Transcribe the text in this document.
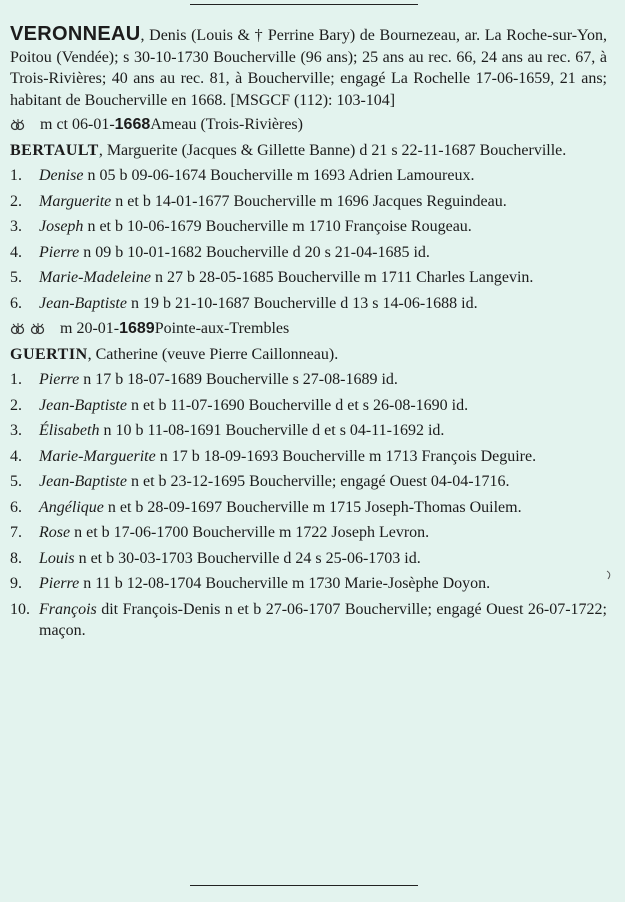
VERONNEAU, Denis (Louis & † Perrine Bary) de Bournezeau, ar. La Roche-sur-Yon, Poitou (Vendée); s 30-10-1730 Boucherville (96 ans); 25 ans au rec. 66, 24 ans au rec. 67, à Trois-Rivières; 40 ans au rec. 81, à Boucherville; engagé La Rochelle 17-06-1659, 21 ans; habitant de Boucherville en 1668. [MSGCF (112): 103-104]

m ct 06-01- 1668 Ameau (Trois-Rivières)

BERTAULT, Marguerite (Jacques & Gillette Banne) d 21 s 22-11-1687 Boucherville.

1. Denise n 05 b 09-06-1674 Boucherville m 1693 Adrien Lamoureux.
2. Marguerite n et b 14-01-1677 Boucherville m 1696 Jacques Reguindeau.
3. Joseph n et b 10-06-1679 Boucherville m 1710 Françoise Rougeau.
4. Pierre n 09 b 10-01-1682 Boucherville d 20 s 21-04-1685 id.
5. Marie-Madeleine n 27 b 28-05-1685 Boucherville m 1711 Charles Langevin.
6. Jean-Baptiste n 19 b 21-10-1687 Boucherville d 13 s 14-06-1688 id.
m 20-01- 1689 Pointe-aux-Trembles

GUERTIN, Catherine (veuve Pierre Caillonneau).

1. Pierre n 17 b 18-07-1689 Boucherville s 27-08-1689 id.
2. Jean-Baptiste n et b 11-07-1690 Boucherville d et s 26-08-1690 id.
3. Élisabeth n 10 b 11-08-1691 Boucherville d et s 04-11-1692 id.
4. Marie-Marguerite n 17 b 18-09-1693 Boucherville m 1713 François Deguire.
5. Jean-Baptiste n et b 23-12-1695 Boucherville; engagé Ouest 04-04-1716.
6. Angélique n et b 28-09-1697 Boucherville m 1715 Joseph-Thomas Ouilem.
7. Rose n et b 17-06-1700 Boucherville m 1722 Joseph Levron.
8. Louis n et b 30-03-1703 Boucherville d 24 s 25-06-1703 id.
9. Pierre n 11 b 12-08-1704 Boucherville m 1730 Marie-Josèphe Doyon.
10. François dit François-Denis n et b 27-06-1707 Boucherville; engagé Ouest 26-07-1722; maçon.
